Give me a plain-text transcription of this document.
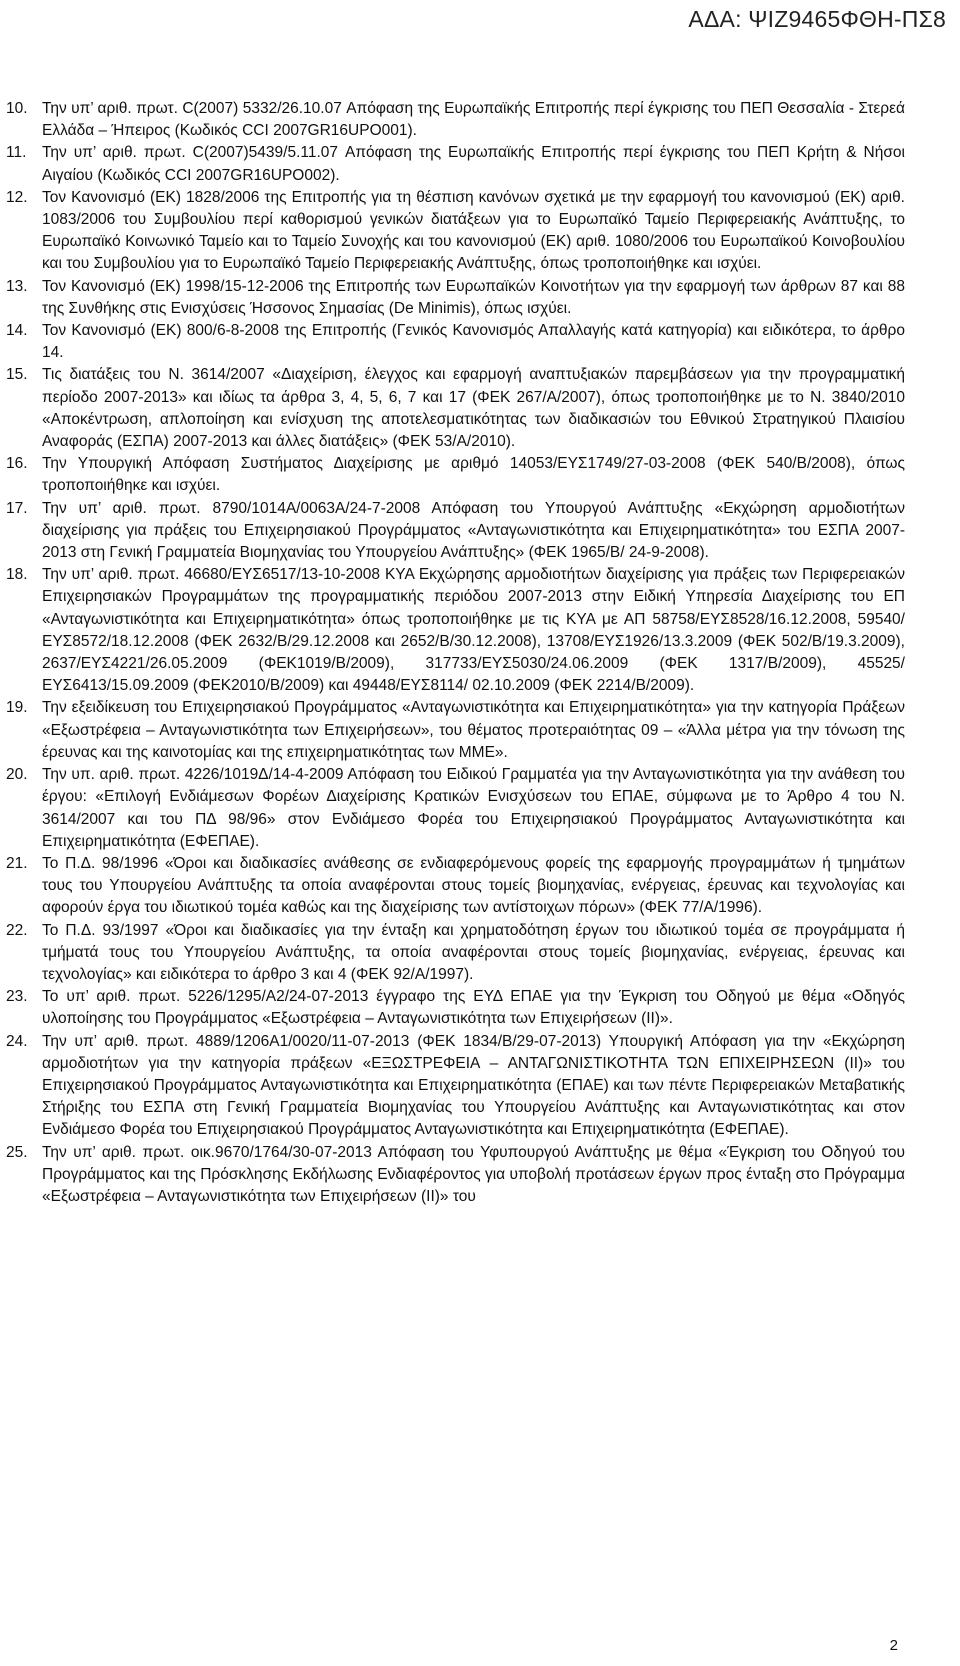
ΑΔΑ: ΨΙΖ9465ΦΘΗ-ΠΣ8
10. Την υπ’ αριθ. πρωτ. C(2007) 5332/26.10.07 Απόφαση της Ευρωπαϊκής Επιτροπής περί έγκρισης του ΠΕΠ Θεσσαλία - Στερεά Ελλάδα – Ήπειρος (Κωδικός CCI 2007GR16UPO001).
11.	Την υπ’ αριθ. πρωτ. C(2007)5439/5.11.07 Απόφαση της Ευρωπαϊκής Επιτροπής περί έγκρισης του ΠΕΠ Κρήτη & Νήσοι Αιγαίου (Κωδικός CCI 2007GR16UPO002).
12. Τον Κανονισμό (ΕΚ) 1828/2006 της Επιτροπής για τη θέσπιση κανόνων σχετικά με την εφαρμογή του κανονισμού (ΕΚ) αριθ. 1083/2006 του Συμβουλίου περί καθορισμού γενικών διατάξεων για το Ευρωπαϊκό Ταμείο Περιφερειακής Ανάπτυξης, το Ευρωπαϊκό Κοινωνικό Ταμείο και το Ταμείο Συνοχής και του κανονισμού (ΕΚ) αριθ. 1080/2006 του Ευρωπαϊκού Κοινοβουλίου και του Συμβουλίου για το Ευρωπαϊκό Ταμείο Περιφερειακής Ανάπτυξης, όπως τροποποιήθηκε και ισχύει.
13. Τον Κανονισμό (ΕΚ) 1998/15-12-2006 της Επιτροπής των Ευρωπαϊκών Κοινοτήτων για την εφαρμογή των άρθρων 87 και 88 της Συνθήκης στις Ενισχύσεις Ήσσονος Σημασίας (De Minimis), όπως ισχύει.
14. Τον Κανονισμό (ΕΚ) 800/6-8-2008 της Επιτροπής (Γενικός Κανονισμός Απαλλαγής κατά κατηγορία) και ειδικότερα, το άρθρο 14.
15. Τις διατάξεις του Ν. 3614/2007 «Διαχείριση, έλεγχος και εφαρμογή αναπτυξιακών παρεμβάσεων για την προγραμματική περίοδο 2007-2013» και ιδίως τα άρθρα 3, 4, 5, 6, 7 και 17 (ΦΕΚ 267/Α/2007), όπως τροποποιήθηκε με το Ν. 3840/2010 «Αποκέντρωση, απλοποίηση και ενίσχυση της αποτελεσματικότητας των διαδικασιών του Εθνικού Στρατηγικού Πλαισίου Αναφοράς (ΕΣΠΑ) 2007-2013 και άλλες διατάξεις» (ΦΕΚ 53/Α/2010).
16. Την Υπουργική Απόφαση Συστήματος Διαχείρισης με αριθμό 14053/ΕΥΣ1749/27-03-2008 (ΦΕΚ 540/Β/2008), όπως τροποποιήθηκε και ισχύει.
17. Την υπ’ αριθ. πρωτ. 8790/1014Α/0063Α/24-7-2008 Απόφαση του Υπουργού Ανάπτυξης «Εκχώρηση αρμοδιοτήτων διαχείρισης για πράξεις του Επιχειρησιακού Προγράμματος «Ανταγωνιστικότητα και Επιχειρηματικότητα» του ΕΣΠΑ 2007-2013 στη Γενική Γραμματεία Βιομηχανίας του Υπουργείου Ανάπτυξης» (ΦΕΚ 1965/Β/ 24-9-2008).
18. Την υπ’ αριθ. πρωτ. 46680/ΕΥΣ6517/13-10-2008 ΚΥΑ Εκχώρησης αρμοδιοτήτων διαχείρισης για πράξεις των Περιφερειακών Επιχειρησιακών Προγραμμάτων της προγραμματικής περιόδου 2007-2013 στην Ειδική Υπηρεσία Διαχείρισης του ΕΠ «Ανταγωνιστικότητα και Επιχειρηματικότητα» όπως τροποποιήθηκε με τις ΚΥΑ με ΑΠ 58758/ΕΥΣ8528/16.12.2008, 59540/ΕΥΣ8572/18.12.2008 (ΦΕΚ 2632/Β/29.12.2008 και 2652/Β/30.12.2008), 13708/ΕΥΣ1926/13.3.2009 (ΦΕΚ 502/Β/19.3.2009), 2637/ΕΥΣ4221/26.05.2009 (ΦΕΚ1019/Β/2009), 317733/ΕΥΣ5030/24.06.2009 (ΦΕΚ 1317/Β/2009), 45525/ΕΥΣ6413/15.09.2009 (ΦΕΚ2010/Β/2009) και 49448/ΕΥΣ8114/ 02.10.2009 (ΦΕΚ 2214/Β/2009).
19. Την εξειδίκευση του Επιχειρησιακού Προγράμματος «Ανταγωνιστικότητα και Επιχειρηματικότητα» για την κατηγορία Πράξεων «Εξωστρέφεια – Ανταγωνιστικότητα των Επιχειρήσεων», του θέματος προτεραιότητας 09 – «Άλλα μέτρα για την τόνωση της έρευνας και της καινοτομίας και της επιχειρηματικότητας των ΜΜΕ».
20. Την υπ. αριθ. πρωτ. 4226/1019Δ/14-4-2009 Απόφαση του Ειδικού Γραμματέα για την Ανταγωνιστικότητα για την ανάθεση του έργου: «Επιλογή Ενδιάμεσων Φορέων Διαχείρισης Κρατικών Ενισχύσεων του ΕΠΑΕ, σύμφωνα με το Άρθρο 4 του Ν. 3614/2007 και του ΠΔ 98/96» στον Ενδιάμεσο Φορέα του Επιχειρησιακού Προγράμματος Ανταγωνιστικότητα και Επιχειρηματικότητα (ΕΦΕΠΑΕ).
21. Το Π.Δ. 98/1996 «Όροι και διαδικασίες ανάθεσης σε ενδιαφερόμενους φορείς της εφαρμογής προγραμμάτων ή τμημάτων τους του Υπουργείου Ανάπτυξης τα οποία αναφέρονται στους τομείς βιομηχανίας, ενέργειας, έρευνας και τεχνολογίας και αφορούν έργα του ιδιωτικού τομέα καθώς και της διαχείρισης των αντίστοιχων πόρων» (ΦΕΚ 77/Α/1996).
22. Το Π.Δ. 93/1997 «Όροι και διαδικασίες για την ένταξη και χρηματοδότηση έργων του ιδιωτικού τομέα σε προγράμματα ή τμήματά τους του Υπουργείου Ανάπτυξης, τα οποία αναφέρονται στους τομείς βιομηχανίας, ενέργειας, έρευνας και τεχνολογίας» και ειδικότερα το άρθρο 3 και 4 (ΦΕΚ 92/Α/1997).
23. Το υπ’ αριθ. πρωτ. 5226/1295/Α2/24-07-2013 έγγραφο της ΕΥΔ ΕΠΑΕ για την Έγκριση του Οδηγού με θέμα «Οδηγός υλοποίησης του Προγράμματος «Εξωστρέφεια – Ανταγωνιστικότητα των Επιχειρήσεων (ΙΙ)».
24. Την υπ’ αριθ. πρωτ. 4889/1206Α1/0020/11-07-2013 (ΦΕΚ 1834/Β/29-07-2013) Υπουργική Απόφαση για την «Εκχώρηση αρμοδιοτήτων για την κατηγορία πράξεων «ΕΞΩΣΤΡΕΦΕΙΑ – ΑΝΤΑΓΩΝΙΣΤΙΚΟΤΗΤΑ ΤΩΝ ΕΠΙΧΕΙΡΗΣΕΩΝ (ΙΙ)» του Επιχειρησιακού Προγράμματος Ανταγωνιστικότητα και Επιχειρηματικότητα (ΕΠΑΕ) και των πέντε Περιφερειακών Μεταβατικής Στήριξης του ΕΣΠΑ στη Γενική Γραμματεία Βιομηχανίας του Υπουργείου Ανάπτυξης και Ανταγωνιστικότητας και στον Ενδιάμεσο Φορέα του Επιχειρησιακού Προγράμματος Ανταγωνιστικότητα και Επιχειρηματικότητα (ΕΦΕΠΑΕ).
25. Την υπ’ αριθ. πρωτ. οικ.9670/1764/30-07-2013 Απόφαση του Υφυπουργού Ανάπτυξης με θέμα «Έγκριση του Οδηγού του Προγράμματος και της Πρόσκλησης Εκδήλωσης Ενδιαφέροντος για υποβολή προτάσεων έργων προς ένταξη στο Πρόγραμμα «Εξωστρέφεια – Ανταγωνιστικότητα των Επιχειρήσεων (ΙΙ)» του
2
